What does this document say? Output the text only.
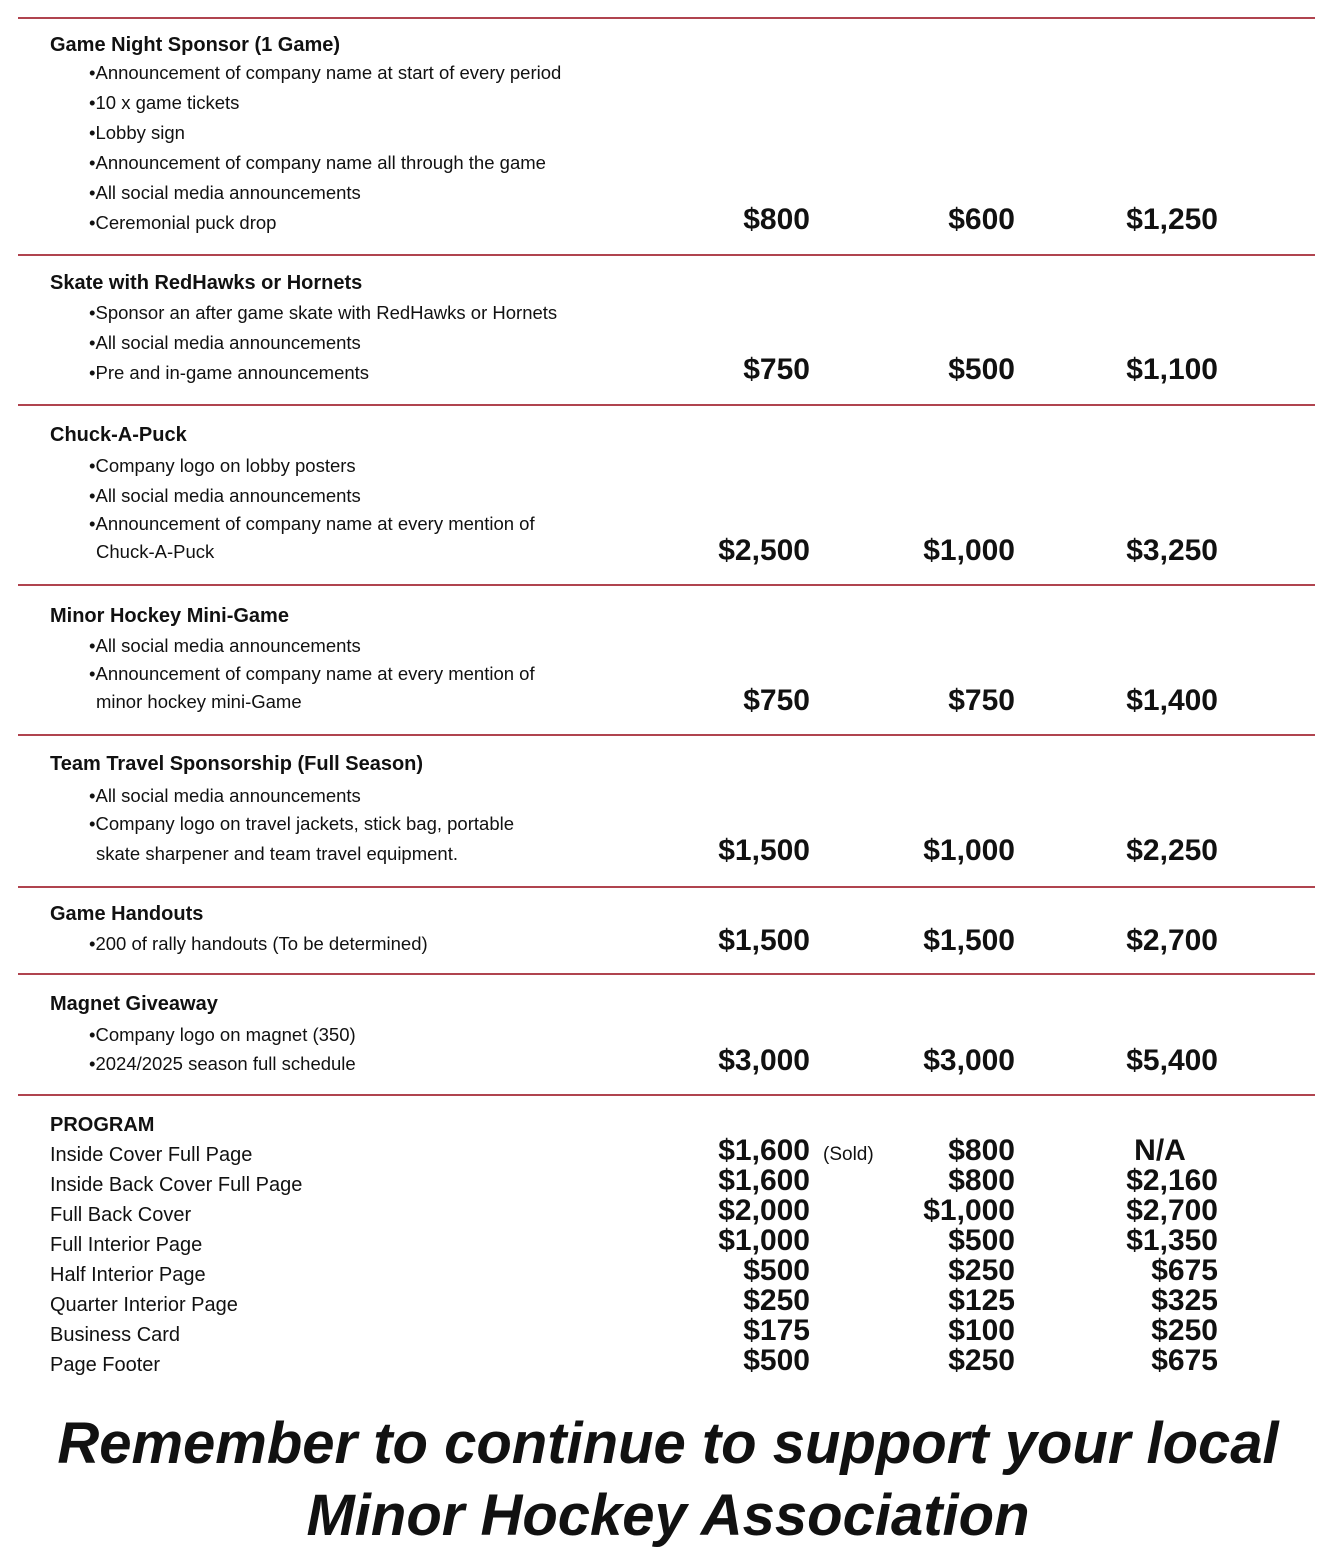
Game Night Sponsor (1 Game)
•Announcement of company name at start of every period
•10 x game tickets
•Lobby sign
•Announcement of company name all through the game
•All social media announcements
•Ceremonial puck drop	$800	$600	$1,250
Skate with RedHawks or Hornets
•Sponsor an after game skate with RedHawks or Hornets
•All social media announcements
•Pre and in-game announcements	$750	$500	$1,100
Chuck-A-Puck
•Company logo on lobby posters
•All social media announcements
•Announcement of company name at every mention of
Chuck-A-Puck	$2,500	$1,000	$3,250
Minor Hockey Mini-Game
•All social media announcements
•Announcement of company name at every mention of
minor hockey mini-Game	$750	$750	$1,400
Team Travel Sponsorship (Full Season)
•All social media announcements
•Company logo on travel jackets, stick bag, portable
skate sharpener and team travel equipment.	$1,500	$1,000	$2,250
Game Handouts
•200 of rally handouts (To be determined)	$1,500	$1,500	$2,700
Magnet Giveaway
•Company logo on magnet (350)
•2024/2025 season full schedule	$3,000	$3,000	$5,400
PROGRAM
Inside Cover Full Page	$1,600 (Sold)	$800	N/A
Inside Back Cover Full Page	$1,600	$800	$2,160
Full Back Cover	$2,000	$1,000	$2,700
Full Interior Page	$1,000	$500	$1,350
Half Interior Page	$500	$250	$675
Quarter Interior Page	$250	$125	$325
Business Card	$175	$100	$250
Page Footer	$500	$250	$675
Remember to continue to support your local
Minor Hockey Association
